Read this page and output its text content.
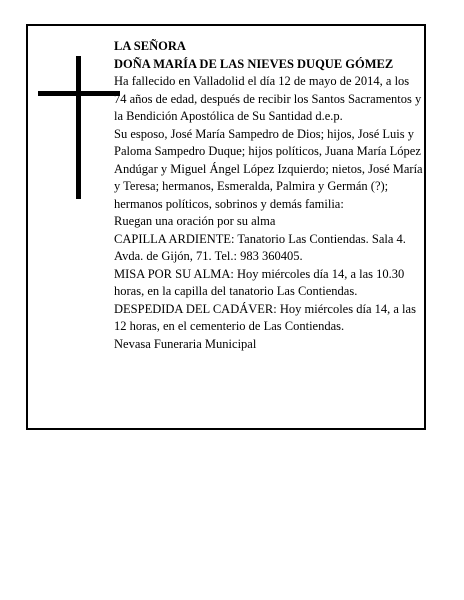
LA SEÑORA

DOÑA MARÍA DE LAS NIEVES DUQUE GÓMEZ

Ha fallecido en Valladolid el día 12 de mayo de 2014, a los 74 años de edad, después de recibir los Santos Sacramentos y la Bendición Apostólica de Su Santidad d.e.p.

Su esposo, José María Sampedro de Dios; hijos, José Luis y Paloma Sampedro Duque; hijos políticos, Juana María López Andúgar y Miguel Ángel López Izquierdo; nietos, José María y Teresa; hermanos, Esmeralda, Palmira y Germán (?); hermanos políticos, sobrinos y demás familia:

Ruegan una oración por su alma

CAPILLA ARDIENTE: Tanatorio Las Contiendas. Sala 4. Avda. de Gijón, 71. Tel.: 983 360405.

MISA POR SU ALMA: Hoy miércoles día 14, a las 10.30 horas, en la capilla del tanatorio Las Contiendas.

DESPEDIDA DEL CADÁVER: Hoy miércoles día 14, a las 12 horas, en el cementerio de Las Contiendas.

Nevasa Funeraria Municipal
